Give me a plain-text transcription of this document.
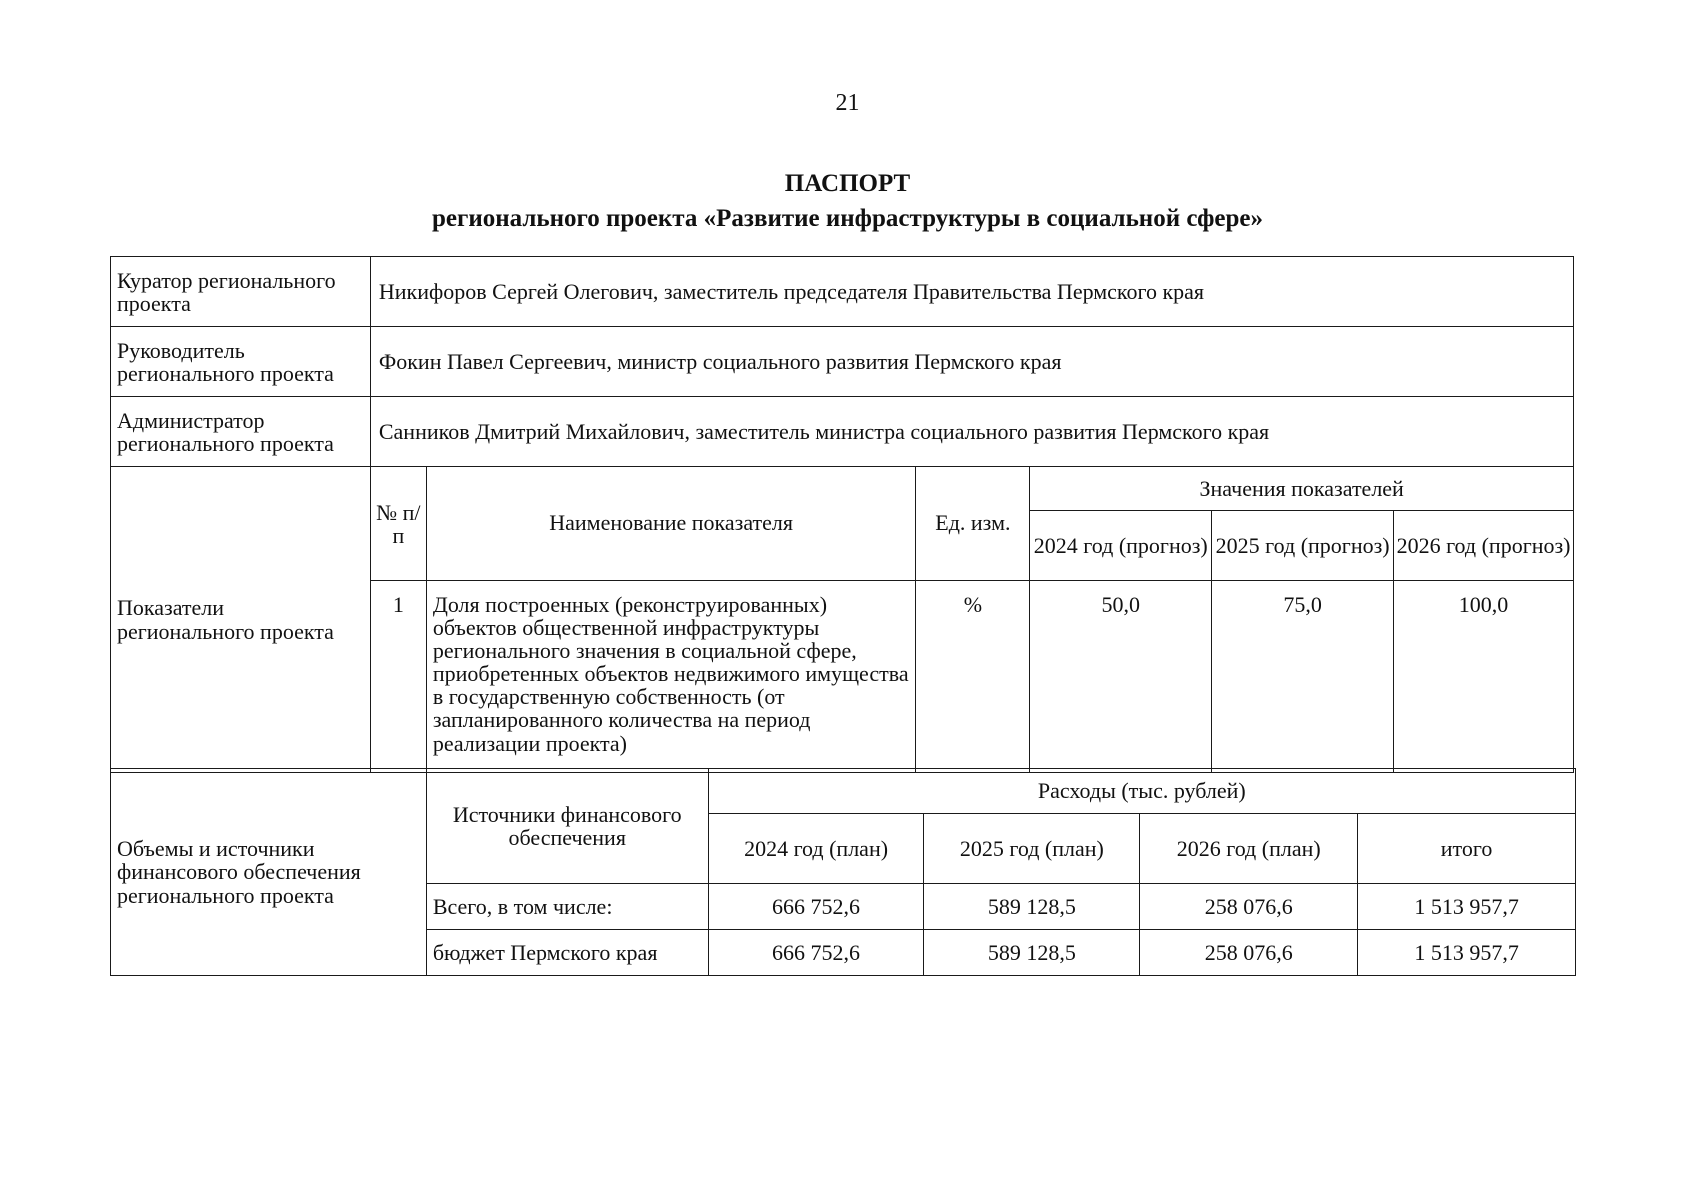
21
ПАСПОРТ
регионального проекта «Развитие инфраструктуры в социальной сфере»
Куратор регионального проекта	Никифоров Сергей Олегович, заместитель председателя Правительства Пермского края					
Руководитель регионального проекта	Фокин Павел Сергеевич, министр социального развития Пермского края					
Администратор регионального проекта	Санников Дмитрий Михайлович, заместитель министра социального развития Пермского края					
Показатели регионального проекта	№ п/п	Наименование показателя	Ед. изм.	Значения показателей		
				2024 год (прогноз)	2025 год (прогноз)	2026 год (прогноз)
	1	Доля построенных (реконструированных) объектов общественной инфраструктуры регионального значения в социальной сфере, приобретенных объектов недвижимого имущества в государственную собственность (от запланированного количества на период реализации проекта)	%	50,0	75,0	100,0
Объемы и источники финансового обеспечения регионального проекта	Источники финансового обеспечения	Расходы (тыс. рублей)			
		2024 год (план)	2025 год (план)	2026 год (план)	итого
	Всего, в том числе:	666 752,6	589 128,5	258 076,6	1 513 957,7
	бюджет Пермского края	666 752,6	589 128,5	258 076,6	1 513 957,7
